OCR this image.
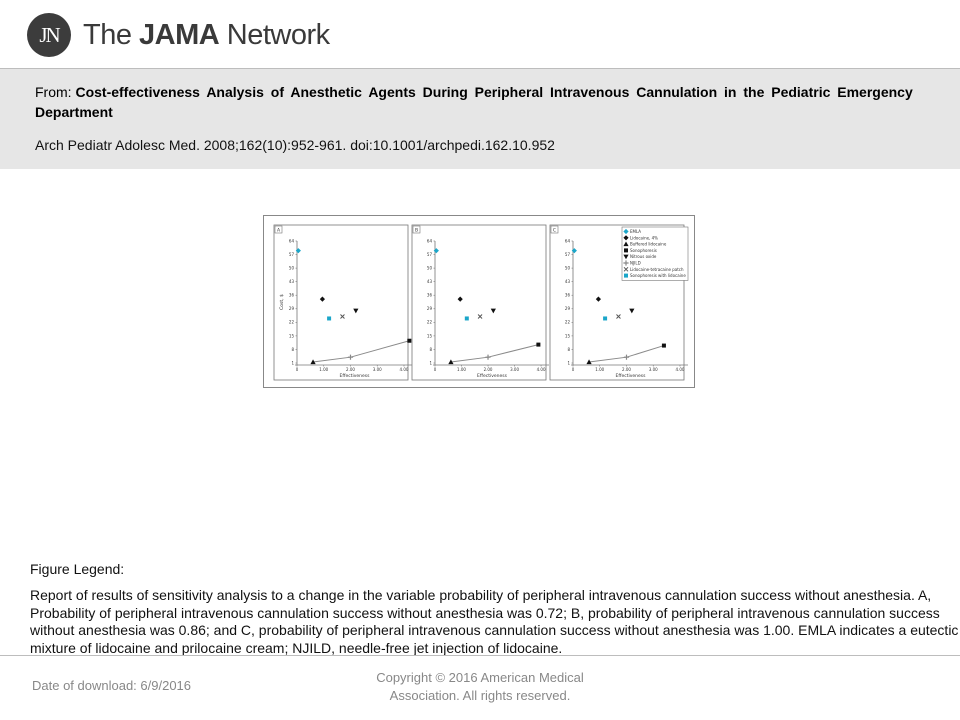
JN The JAMA Network
From: Cost-effectiveness Analysis of Anesthetic Agents During Peripheral Intravenous Cannulation in the Pediatric Emergency Department
Arch Pediatr Adolesc Med. 2008;162(10):952-961. doi:10.1001/archpedi.162.10.952
A
1
8
15
22
29
36
43
50
57
64
0	1.00	2.00	3.00	4.00
Effectiveness
Cost, $
B
1
8
15
22
29
36
43
50
57
64
0	1.00	2.00	3.00	4.00
Effectiveness
C
1
8
15
22
29
36
43
50
57
64
0	1.00	2.00	3.00	4.00
Effectiveness
EMLA
Lidocaine, 4%
Buffered lidocaine
Sonophoresis
Nitrous oxide
NJILD
Lidocaine-tetracaine patch
Sonophoresis with lidocaine
Figure Legend:
Report of results of sensitivity analysis to a change in the variable probability of peripheral intravenous cannulation success without anesthesia. A, Probability of peripheral intravenous cannulation success without anesthesia was 0.72; B, probability of peripheral intravenous cannulation success without anesthesia was 0.86; and C, probability of peripheral intravenous cannulation success without anesthesia was 1.00. EMLA indicates a eutectic mixture of lidocaine and prilocaine cream; NJILD, needle-free jet injection of lidocaine.
Date of download: 6/9/2016
Copyright © 2016 American Medical Association. All rights reserved.
